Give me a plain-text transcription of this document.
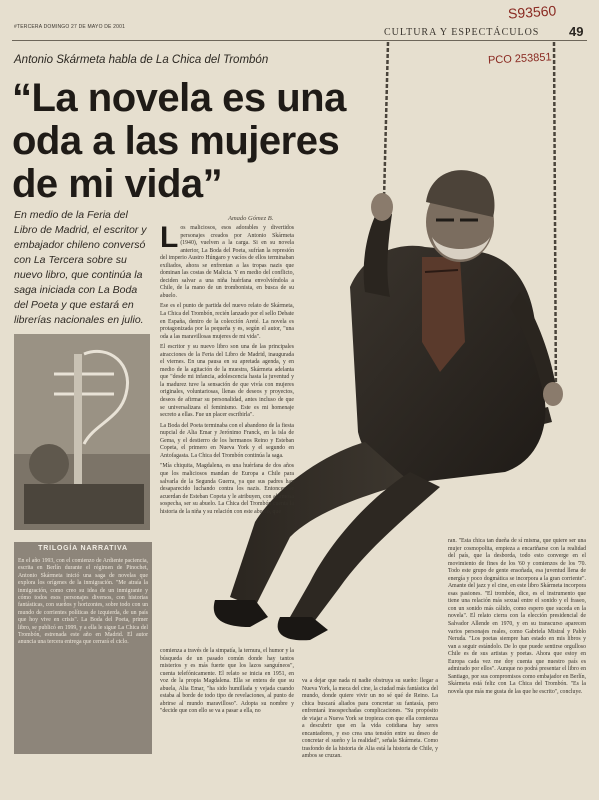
S93560
#TERCERA DOMINGO 27 DE MAYO DE 2001	CULTURA Y ESPECTÁCULOS 49
PCO 253851
Antonio Skármeta habla de La Chica del Trombón
“La novela es una
oda a las mujeres
de mi vida”

En medio de la Feria del Libro de Madrid, el escritor y embajador chileno conversó con La Tercera sobre su nuevo libro, que continúa la saga iniciada con La Boda del Poeta y que estará en librerías nacionales en julio.

TRILOGÍA NARRATIVA

En el año 1993, con el comienzo de Ardiente paciencia, escrita en Berlín durante el régimen de Pinochet, Antonio Skármeta inició una saga de novelas que explora los orígenes de la inmigración. "Me atraía la inmigración, como creo su idea de un inmigrante y cómo todos esos personajes diversos, con historias fantásticas, con sueños y horizontes, sobre todo con un mundo de corrientes políticas de izquierda, de un país que hoy vive en crisis". La Boda del Poeta, primer libro, se publicó en 1999, y a ella le sigue La Chica del Trombón, estrenada este año en Madrid. El autor anuncia una tercera entrega que cerrará el ciclo.

Amado Gómez B.

Los maliciosos, esos adorables y divertidos personajes creados por Antonio Skármeta (1940), vuelven a la carga. Si en su novela anterior, La Boda del Poeta, sufrían la represión del imperio Austro Húngaro y vacíos de ellos terminaban exiliados, ahora se enfrentan a las tropas nazis que dominan las costas de Malicia. Y en medio del conflicto, deciden salvar a una niña huérfana envolviéndola a Chile, de la mano de un trombonista, en busca de su abuelo.

Ese es el punto de partida del nuevo relato de Skármeta, La Chica del Trombón, recién lanzado por el sello Debate en España, dentro de la colección Areté. La novela es protagonizada por la pequeña y es, según el autor, "una oda a las maravillosas mujeres de mi vida".

El escritor y su nuevo libro son una de las principales atracciones de la Feria del Libro de Madrid, inaugurada el viernes. En una pausa en su apretada agenda, y en medio de la agitación de la muestra, Skármeta adelanta que "desde mi infancia, adolescencia hasta la juventud y la madurez tuve la sensación de que vivía con mujeres originales, voluntariosas, llenas de deseos y proyectos, deseos de afirmar su personalidad, antes incluso de que se universalizara el feminismo. Este es mi homenaje secreto a ellas. Fue un placer escribirla".

La Boda del Poeta terminaba con el abandono de la fiesta nupcial de Alia Emar y Jerónimo Franck, en la isla de Gema, y el destierro de los hermanos Reino y Esteban Copeta, el primero en Nueva York y el segundo en Antofagasta. La Chica del Trombón continúa la saga.

"Mía chiquita, Magdalena, es una huérfana de dos años que los maliciosos mandan de Europa a Chile para salvarla de la Segunda Guerra, ya que sus padres han desaparecido luchando contra los nazis. Entonces se acuerdan de Esteban Copeta y le atribuyen, con alarmosa sospecha, ser su abuelo. La Chica del Trombón cuenta la historia de la niña y su relación con este abuelo, que

comienza a través de la simpatía, la ternura, el humor y la búsqueda de un pasado común donde hay tantos misterios y es más fuerte que los lazos sanguíneos", cuenta telefónicamente. El relato se inicia en 1951, en voz de la propia Magdalena. Ella se entera de que su abuela, Alia Emar, "ha sido humillada y vejada cuando estaba al borde de todo tipo de revelaciones, al punto de abrirse al mundo maravilloso". Adopta su nombre y "decide que con ello se va a pasar a ella, no

va a dejar que nada ni nadie obstruya su sueño: llegar a Nueva York, la meca del cine, la ciudad más fantástica del mundo, donde quiere vivir un no sé qué de Reino. La chica buscará aliados para concretar su fantasía, pero enfrentará insospechadas complicaciones. "Su propósito de viajar a Nueva York se tropieza con que ella comienza a descubrir que en la vida cotidiana hay seres encantadores, y eso crea una tensión entre su deseo de concretar el sueño y la realidad", señala Skármeta. Como trasfondo de la historia de Alia está la historia de Chile, y ambos se cruzan.

ran. "Esta chica tan dueña de sí misma, que quiere ser una mujer cosmopolita, empieza a encariñarse con la realidad del país, que la desborda, todo esto converge en el movimiento de fines de los '60 y comienzos de los '70. Todo este grupo de gente ensoñada, esa juventud llena de energía y poco dogmática se incorpora a la gran corriente". Amante del jazz y el cine, en este libro Skármeta incorpora esas pasiones. "El trombón, dice, es el instrumento que tiene una relación más sexual entre el sonido y el fraseo, con un sonido más cálido, como espero que suceda en la novela". El relato cierra con la elección presidencial de Salvador Allende en 1970, y en su transcurso aparecen varios personajes reales, como Gabriela Mistral y Pablo Neruda. "Los poetas siempre han estado en mis libros y van a seguir estándolo. De lo que puede sentirse orgulloso Chile es de sus artistas y poetas. Ahora que estoy en Europa cada vez me doy cuenta que nuestro país es admirado por ellos". Aunque no podrá presentar el libro en Santiago, por sus compromisos como embajador en Berlín, Skármeta está feliz con La Chica del Trombón. "Es la novela que más me gusta de las que he escrito", concluye.
